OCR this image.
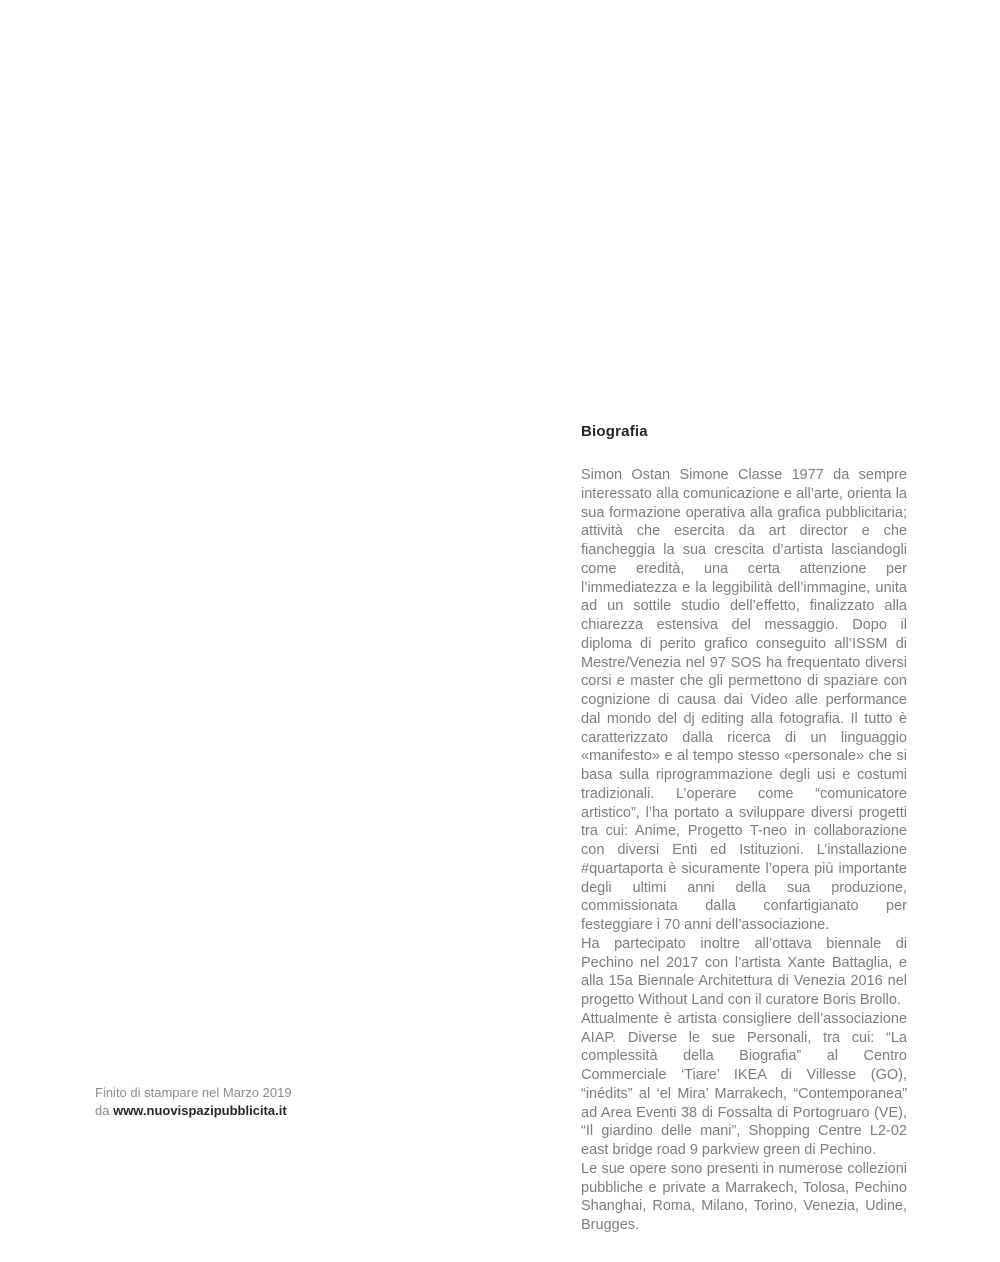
Biografia

Simon Ostan Simone Classe 1977 da sempre interessato alla comunicazione e all’arte, orienta la sua formazione operativa alla grafica pubblicitaria; attività che esercita da art director e che fiancheggia la sua crescita d’artista lasciandogli come eredità, una certa attenzione per l’immediatezza e la leggibilità dell’immagine, unita ad un sottile studio dell’effetto, finalizzato alla chiarezza estensiva del messaggio. Dopo il diploma di perito grafico conseguito all’ISSM di Mestre/Venezia nel 97 SOS ha frequentato diversi corsi e master che gli permettono di spaziare con cognizione di causa dai Video alle performance dal mondo del dj editing alla fotografia. Il tutto è caratterizzato dalla ricerca di un linguaggio «manifesto» e al tempo stesso «personale» che si basa sulla riprogrammazione degli usi e costumi tradizionali. L’operare come “comunicatore artistico”, l’ha portato a sviluppare diversi progetti tra cui: Anime, Progetto T-neo in collaborazione con diversi Enti ed Istituzioni. L’installazione #quartaporta è sicuramente l’opera più importante degli ultimi anni della sua produzione, commissionata dalla confartigianato per festeggiare i 70 anni dell’associazione.

Ha partecipato inoltre all’ottava biennale di Pechino nel 2017 con l’artista Xante Battaglia, e alla 15a Biennale Architettura di Venezia 2016 nel progetto Without Land con il curatore Boris Brollo.

Attualmente è artista consigliere dell’associazione AIAP. Diverse le sue Personali, tra cui: “La complessità della Biografia” al Centro Commerciale ‘Tiare’ IKEA di Villesse (GO), “inédits” al ‘el Mira’ Marrakech, “Contemporanea” ad Area Eventi 38 di Fossalta di Portogruaro (VE), “Il giardino delle mani”, Shopping Centre L2-02 east bridge road 9 parkview green di Pechino.

Le sue opere sono presenti in numerose collezioni pubbliche e private a Marrakech, Tolosa, Pechino Shanghai, Roma, Milano, Torino, Venezia, Udine, Brugges.

Finito di stampare nel Marzo 2019
da www.nuovispazipubblicita.it
